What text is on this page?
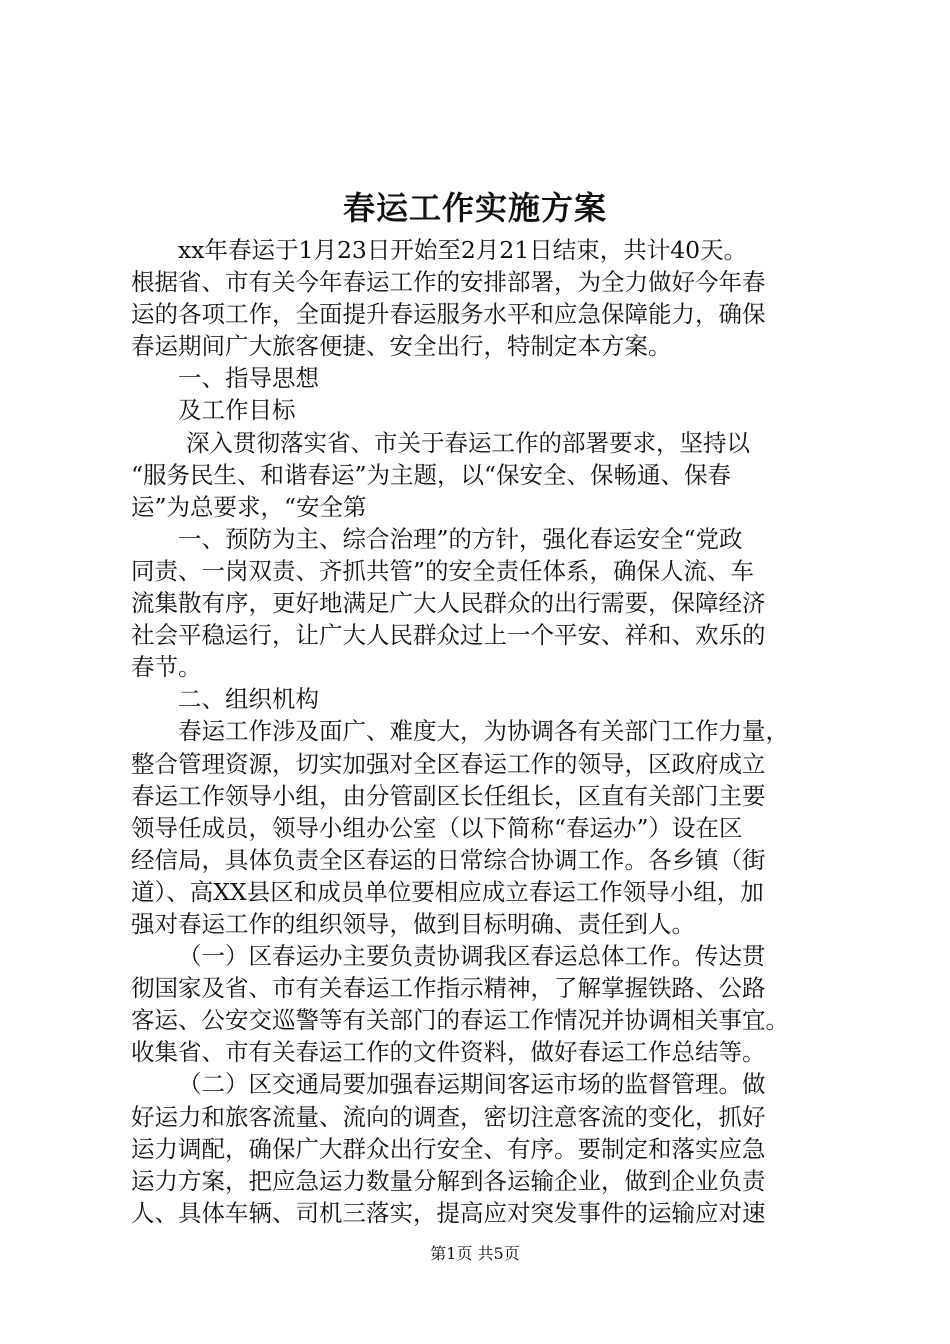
春运工作实施方案

xx年春运于1月23日开始至2月21日结束，共计40天。

根据省、市有关今年春运工作的安排部署，为全力做好今年春

运的各项工作，全面提升春运服务水平和应急保障能力，确保

春运期间广大旅客便捷、安全出行，特制定本方案。

一、指导思想

及工作目标

深入贯彻落实省、市关于春运工作的部署要求，坚持以

“服务民生、和谐春运”为主题，以“保安全、保畅通、保春

运”为总要求，“安全第

一、预防为主、综合治理”的方针，强化春运安全“党政

同责、一岗双责、齐抓共管”的安全责任体系，确保人流、车

流集散有序，更好地满足广大人民群众的出行需要，保障经济

社会平稳运行，让广大人民群众过上一个平安、祥和、欢乐的

春节。

二、组织机构

春运工作涉及面广、难度大，为协调各有关部门工作力量，

整合管理资源，切实加强对全区春运工作的领导，区政府成立

春运工作领导小组，由分管副区长任组长，区直有关部门主要

领导任成员，领导小组办公室（以下简称“春运办”）设在区

经信局，具体负责全区春运的日常综合协调工作。各乡镇（街

道）、高XX县区和成员单位要相应成立春运工作领导小组，加

强对春运工作的组织领导，做到目标明确、责任到人。

（一）区春运办主要负责协调我区春运总体工作。传达贯

彻国家及省、市有关春运工作指示精神，了解掌握铁路、公路

客运、公安交巡警等有关部门的春运工作情况并协调相关事宜。

收集省、市有关春运工作的文件资料，做好春运工作总结等。

（二）区交通局要加强春运期间客运市场的监督管理。做

好运力和旅客流量、流向的调查，密切注意客流的变化，抓好

运力调配，确保广大群众出行安全、有序。要制定和落实应急

运力方案，把应急运力数量分解到各运输企业，做到企业负责

人、具体车辆、司机三落实，提高应对突发事件的运输应对速

第1页 共5页
